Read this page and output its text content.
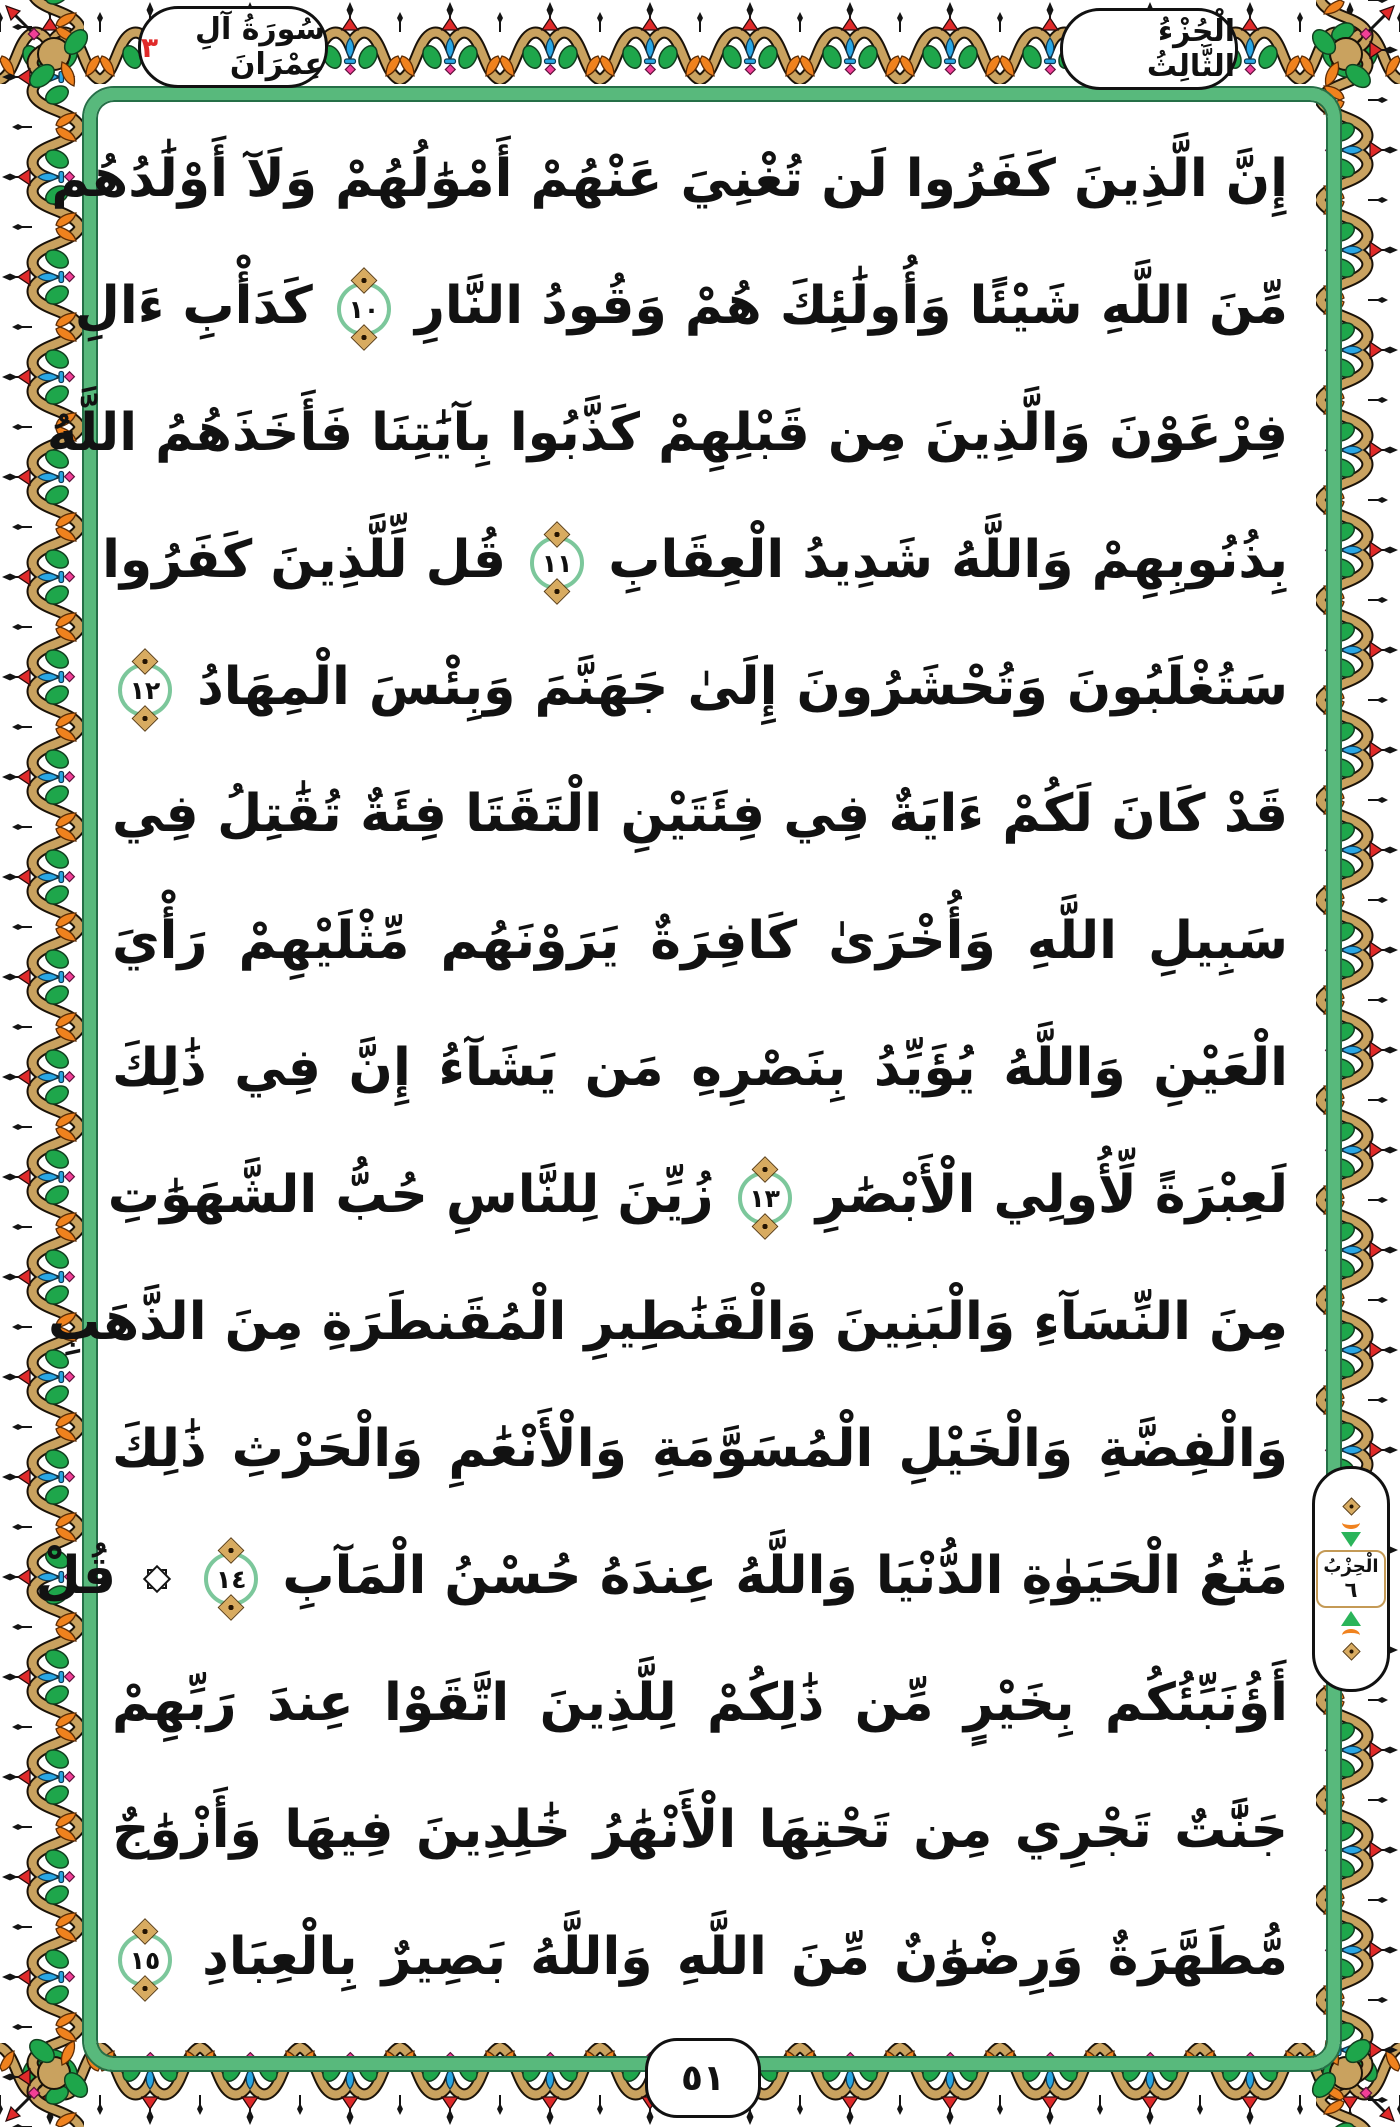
إِنَّ الَّذِينَ كَفَرُوا لَن تُغْنِيَ عَنْهُمْ أَمْوَٰلُهُمْ وَلَآ أَوْلَٰدُهُم
مِّنَ اللَّهِ شَيْئًا وَأُولَٰئِكَ هُمْ وَقُودُ النَّارِ
١٠
كَدَأْبِ ءَالِ
فِرْعَوْنَ وَالَّذِينَ مِن قَبْلِهِمْ كَذَّبُوا بِآيَٰتِنَا فَأَخَذَهُمُ اللَّهُ
بِذُنُوبِهِمْ وَاللَّهُ شَدِيدُ الْعِقَابِ
١١
قُل لِّلَّذِينَ كَفَرُوا
سَتُغْلَبُونَ وَتُحْشَرُونَ إِلَىٰ جَهَنَّمَ وَبِئْسَ الْمِهَادُ
١٢
قَدْ كَانَ لَكُمْ ءَايَةٌ فِي فِئَتَيْنِ الْتَقَتَا فِئَةٌ تُقَٰتِلُ فِي
سَبِيلِ اللَّهِ وَأُخْرَىٰ كَافِرَةٌ يَرَوْنَهُم مِّثْلَيْهِمْ رَأْيَ
الْعَيْنِ وَاللَّهُ يُؤَيِّدُ بِنَصْرِهِ مَن يَشَآءُ إِنَّ فِي ذَٰلِكَ
لَعِبْرَةً لِّأُولِي الْأَبْصَٰرِ
١٣
زُيِّنَ لِلنَّاسِ حُبُّ الشَّهَوَٰتِ
مِنَ النِّسَآءِ وَالْبَنِينَ وَالْقَنَٰطِيرِ الْمُقَنطَرَةِ مِنَ الذَّهَبِ
وَالْفِضَّةِ وَالْخَيْلِ الْمُسَوَّمَةِ وَالْأَنْعَٰمِ وَالْحَرْثِ ذَٰلِكَ
مَتَٰعُ الْحَيَوٰةِ الدُّنْيَا وَاللَّهُ عِندَهُ حُسْنُ الْمَآبِ
١٤
قُلْ
أَؤُنَبِّئُكُم بِخَيْرٍ مِّن ذَٰلِكُمْ لِلَّذِينَ اتَّقَوْا عِندَ رَبِّهِمْ
جَنَّٰتٌ تَجْرِي مِن تَحْتِهَا الْأَنْهَٰرُ خَٰلِدِينَ فِيهَا وَأَزْوَٰجٌ
مُّطَهَّرَةٌ وَرِضْوَٰنٌ مِّنَ اللَّهِ وَاللَّهُ بَصِيرٌ بِالْعِبَادِ
١٥
سُورَةُ آلِ عِمْرَانَ
٣	الْجُزْءُ الثَّالِثُ
الْحِزْبُ
٦
٥١
